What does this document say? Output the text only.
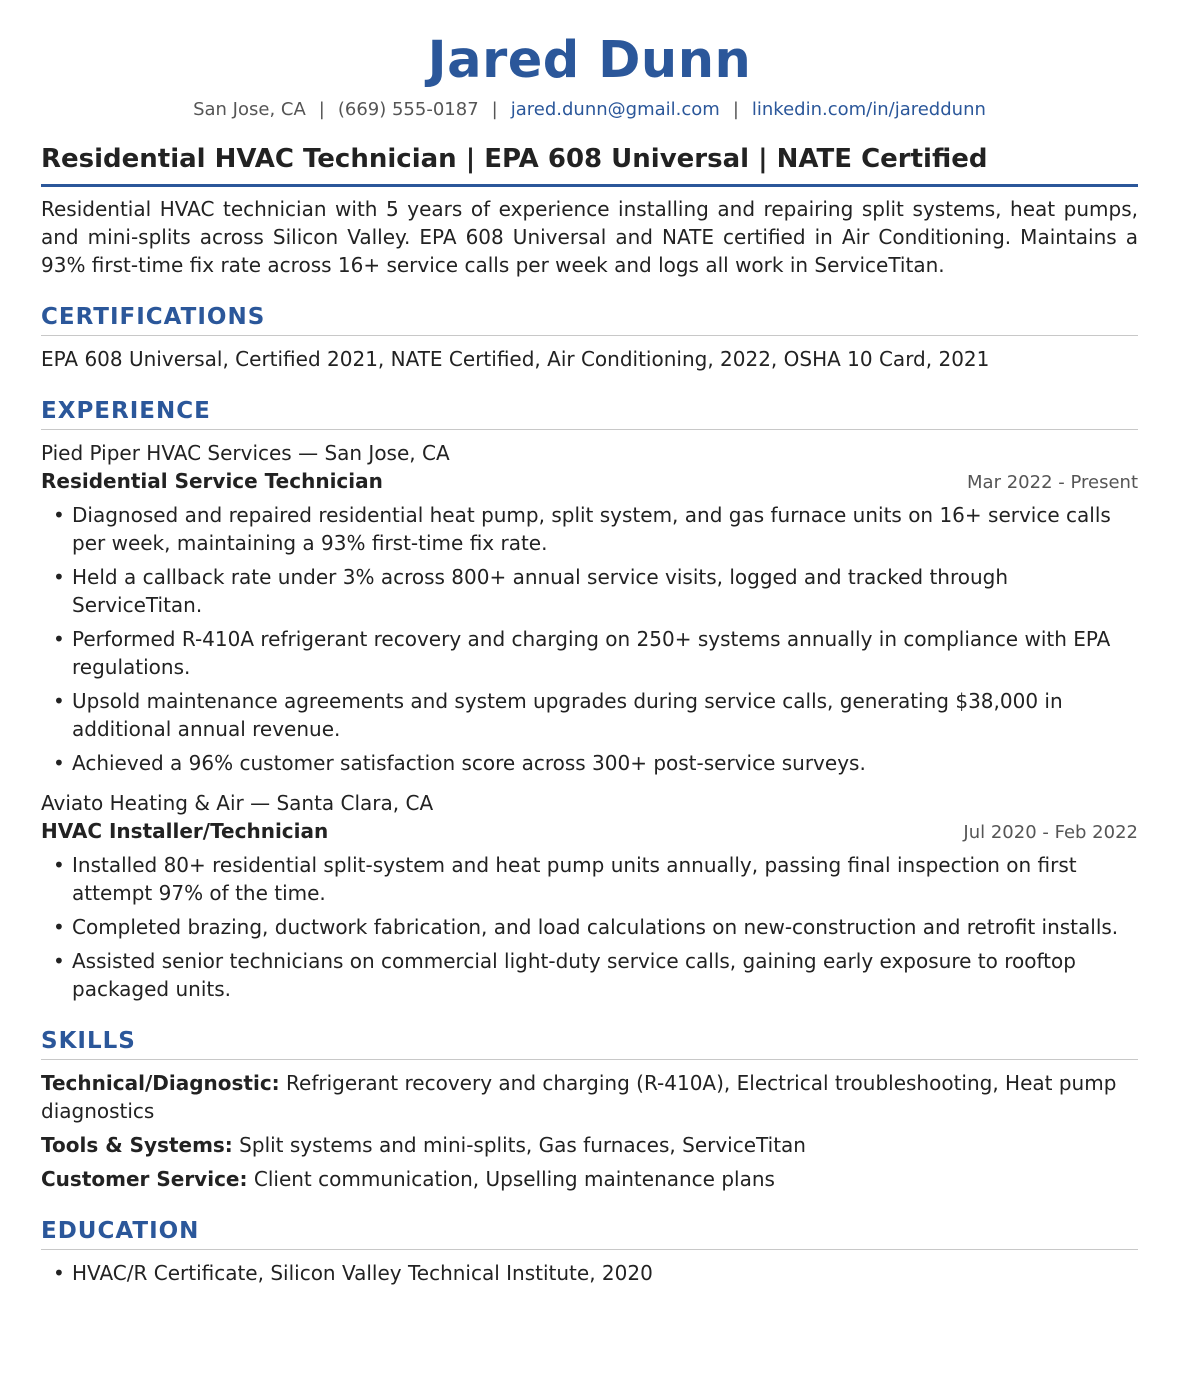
Jared Dunn
San Jose, CA | (669) 555-0187 | jared.dunn@gmail.com | linkedin.com/in/jareddunn
Residential HVAC Technician | EPA 608 Universal | NATE Certified
Residential HVAC technician with 5 years of experience installing and repairing split systems, heat pumps, and mini-splits across Silicon Valley. EPA 608 Universal and NATE certified in Air Conditioning. Maintains a 93% first-time fix rate across 16+ service calls per week and logs all work in ServiceTitan.
CERTIFICATIONS
EPA 608 Universal, Certified 2021, NATE Certified, Air Conditioning, 2022, OSHA 10 Card, 2021
EXPERIENCE
Pied Piper HVAC Services — San Jose, CA
Residential Service Technician	Mar 2022 - Present
• Diagnosed and repaired residential heat pump, split system, and gas furnace units on 16+ service calls per week, maintaining a 93% first-time fix rate.
• Held a callback rate under 3% across 800+ annual service visits, logged and tracked through ServiceTitan.
• Performed R-410A refrigerant recovery and charging on 250+ systems annually in compliance with EPA regulations.
• Upsold maintenance agreements and system upgrades during service calls, generating $38,000 in additional annual revenue.
• Achieved a 96% customer satisfaction score across 300+ post-service surveys.
Aviato Heating & Air — Santa Clara, CA
HVAC Installer/Technician	Jul 2020 - Feb 2022
• Installed 80+ residential split-system and heat pump units annually, passing final inspection on first attempt 97% of the time.
• Completed brazing, ductwork fabrication, and load calculations on new-construction and retrofit installs.
• Assisted senior technicians on commercial light-duty service calls, gaining early exposure to rooftop packaged units.
SKILLS
Technical/Diagnostic: Refrigerant recovery and charging (R-410A), Electrical troubleshooting, Heat pump diagnostics
Tools & Systems: Split systems and mini-splits, Gas furnaces, ServiceTitan
Customer Service: Client communication, Upselling maintenance plans
EDUCATION
• HVAC/R Certificate, Silicon Valley Technical Institute, 2020
